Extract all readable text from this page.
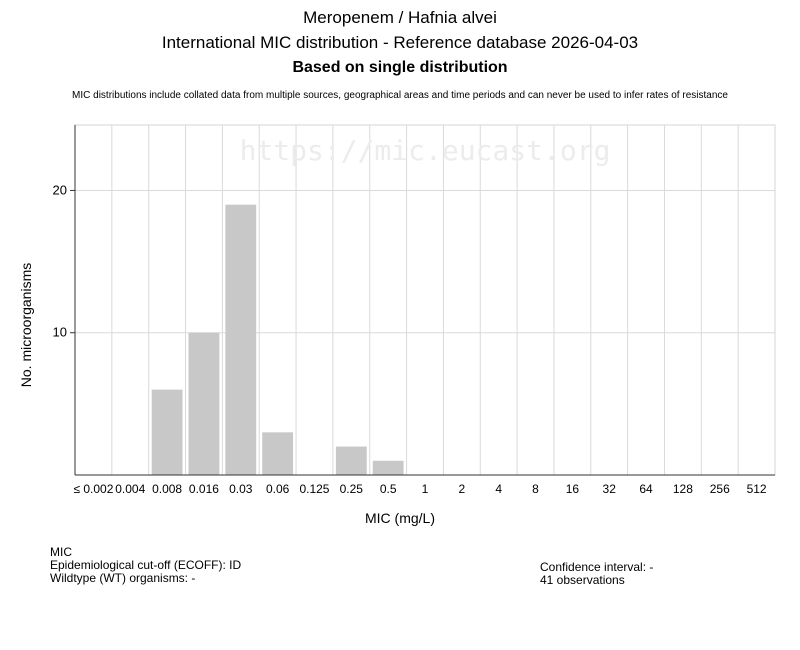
Meropenem / Hafnia alvei
International MIC distribution - Reference database 2026-04-03
Based on single distribution
MIC distributions include collated data from multiple sources, geographical areas and time periods and can never be used to infer rates of resistance
10
20
https://mic.eucast.org
≤ 0.002 0.004 0.008 0.016 0.03 0.06 0.125 0.25 0.5 1	2	4	8 16 32 64 128 256 512
MIC (mg/L)
No. microorganisms
MIC
Epidemiological cut-off (ECOFF): ID
Wildtype (WT) organisms: -
Confidence interval: -
41 observations
